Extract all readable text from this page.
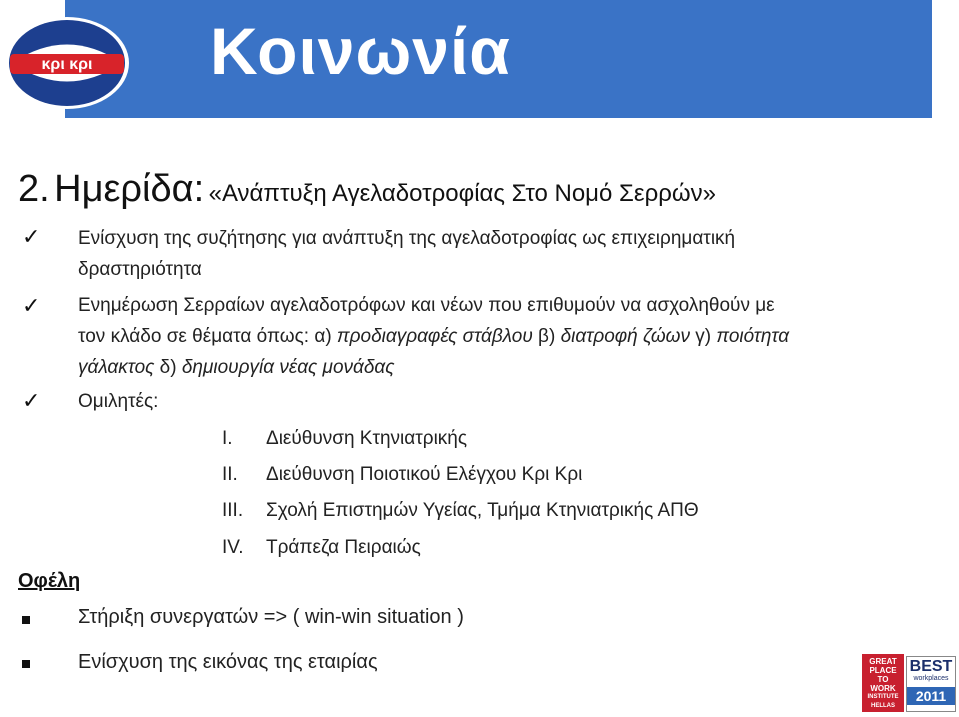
Κοινωνία
κρι κρι
2. Ημερίδα: «Ανάπτυξη Αγελαδοτροφίας Στο Νομό Σερρών»
✓ Ενίσχυση της συζήτησης για ανάπτυξη της αγελαδοτροφίας ως επιχειρηματική
δραστηριότητα
✓ Ενημέρωση Σερραίων αγελαδοτρόφων και νέων που επιθυμούν να ασχοληθούν με
τον κλάδο σε θέματα όπως: α) προδιαγραφές στάβλου β) διατροφή ζώων γ) ποιότητα
γάλακτος δ) δημιουργία νέας μονάδας
✓ Ομιλητές:
I. Διεύθυνση Κτηνιατρικής
II. Διεύθυνση Ποιοτικού Ελέγχου Κρι Κρι
III. Σχολή Επιστημών Υγείας, Τμήμα Κτηνιατρικής ΑΠΘ
IV. Τράπεζα Πειραιώς
Οφέλη
Στήριξη συνεργατών => ( win-win situation )
Ενίσχυση της εικόνας της εταιρίας	GREAT
PLACE
TO
WORK
INSTITUTE
HELLAS
BEST
workplaces
2011
